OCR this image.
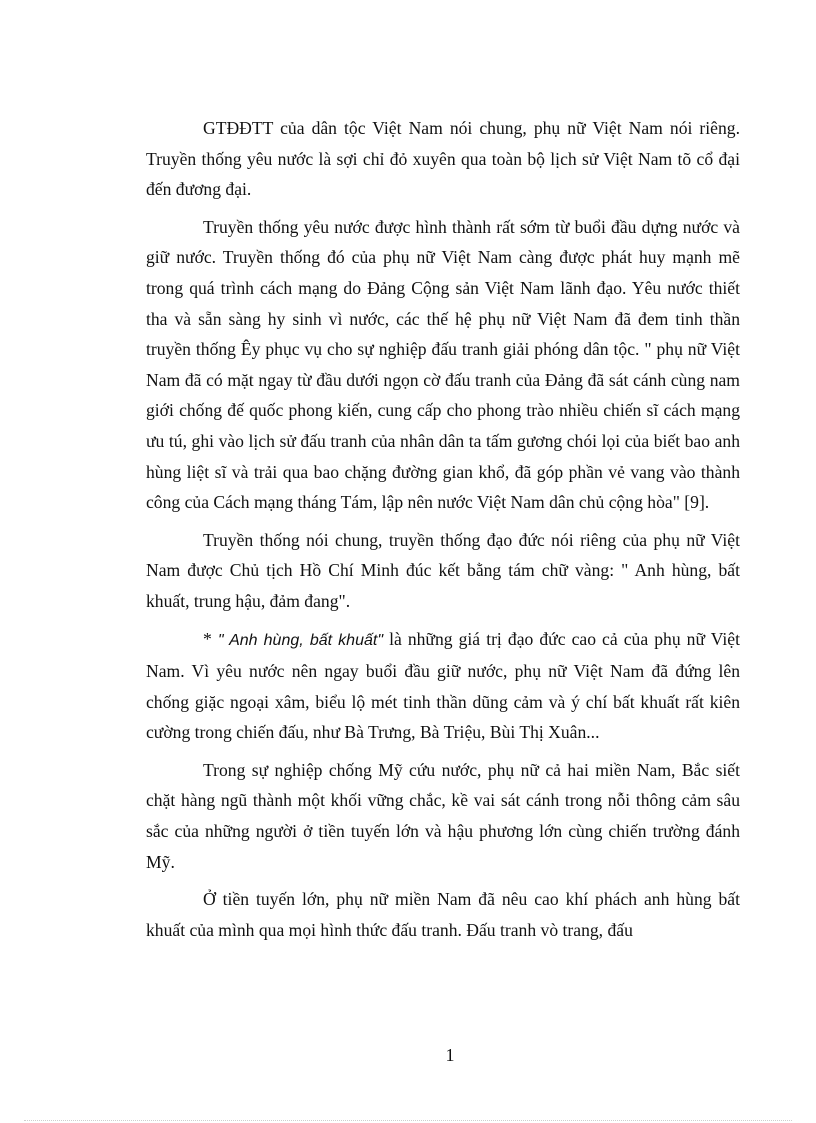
GTĐĐTT của dân tộc Việt Nam nói chung, phụ nữ Việt Nam nói riêng. Truyền thống yêu nước là sợi chỉ đỏ xuyên qua toàn bộ lịch sử Việt Nam tõ cổ đại đến đương đại.

Truyền thống yêu nước được hình thành rất sớm từ buổi đầu dựng nước và giữ nước. Truyền thống đó của phụ nữ Việt Nam càng được phát huy mạnh mẽ trong quá trình cách mạng do Đảng Cộng sản Việt Nam lãnh đạo. Yêu nước thiết tha và sẵn sàng hy sinh vì nước, các thế hệ phụ nữ Việt Nam đã đem tinh thần truyền thống Êy phục vụ cho sự nghiệp đấu tranh giải phóng dân tộc. " phụ nữ Việt Nam đã có mặt ngay từ đầu dưới ngọn cờ đấu tranh của Đảng đã sát cánh cùng nam giới chống đế quốc phong kiến, cung cấp cho phong trào nhiều chiến sĩ cách mạng ưu tú, ghi vào lịch sử đấu tranh của nhân dân ta tấm gương chói lọi của biết bao anh hùng liệt sĩ và trải qua bao chặng đường gian khổ, đã góp phần vẻ vang vào thành công của Cách mạng tháng Tám, lập nên nước Việt Nam dân chủ cộng hòa" [9].

Truyền thống nói chung, truyền thống đạo đức nói riêng của phụ nữ Việt Nam được Chủ tịch Hồ Chí Minh đúc kết bằng tám chữ vàng: " Anh hùng, bất khuất, trung hậu, đảm đang".

* " Anh hùng, bất khuất" là những giá trị đạo đức cao cả của phụ nữ Việt Nam. Vì yêu nước nên ngay buổi đầu giữ nước, phụ nữ Việt Nam đã đứng lên chống giặc ngoại xâm, biểu lộ mét tinh thần dũng cảm và ý chí bất khuất rất kiên cường trong chiến đấu, như Bà Trưng, Bà Triệu, Bùi Thị Xuân...

Trong sự nghiệp chống Mỹ cứu nước, phụ nữ cả hai miền Nam, Bắc siết chặt hàng ngũ thành một khối vững chắc, kề vai sát cánh trong nỗi thông cảm sâu sắc của những người ở tiền tuyến lớn và hậu phương lớn cùng chiến trường đánh Mỹ.

Ở tiền tuyến lớn, phụ nữ miền Nam đã nêu cao khí phách anh hùng bất khuất của mình qua mọi hình thức đấu tranh. Đấu tranh vò trang, đấu

1
